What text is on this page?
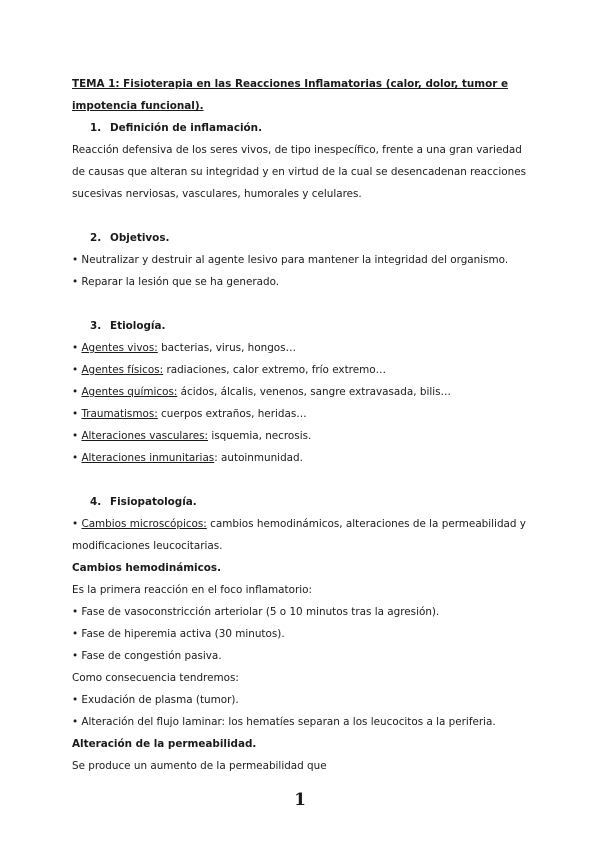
TEMA 1: Fisioterapia en las Reacciones Inflamatorias (calor, dolor, tumor e impotencia funcional).

1. Definición de inflamación.

Reacción defensiva de los seres vivos, de tipo inespecífico, frente a una gran variedad de causas que alteran su integridad y en virtud de la cual se desencadenan reacciones sucesivas nerviosas, vasculares, humorales y celulares.

2. Objetivos.

• Neutralizar y destruir al agente lesivo para mantener la integridad del organismo.

• Reparar la lesión que se ha generado.

3. Etiología.

• Agentes vivos: bacterias, virus, hongos…

• Agentes físicos: radiaciones, calor extremo, frío extremo…

• Agentes químicos: ácidos, álcalis, venenos, sangre extravasada, bilis…

• Traumatismos: cuerpos extraños, heridas…

• Alteraciones vasculares: isquemia, necrosis.

• Alteraciones inmunitarias: autoinmunidad.

4. Fisiopatología.

• Cambios microscópicos: cambios hemodinámicos, alteraciones de la permeabilidad y modificaciones leucocitarias.

Cambios hemodinámicos.

Es la primera reacción en el foco inflamatorio:

• Fase de vasoconstricción arteriolar (5 o 10 minutos tras la agresión).

• Fase de hiperemia activa (30 minutos).

• Fase de congestión pasiva.

Como consecuencia tendremos:

• Exudación de plasma (tumor).

• Alteración del flujo laminar: los hematíes separan a los leucocitos a la periferia.

Alteración de la permeabilidad.

Se produce un aumento de la permeabilidad que

1
